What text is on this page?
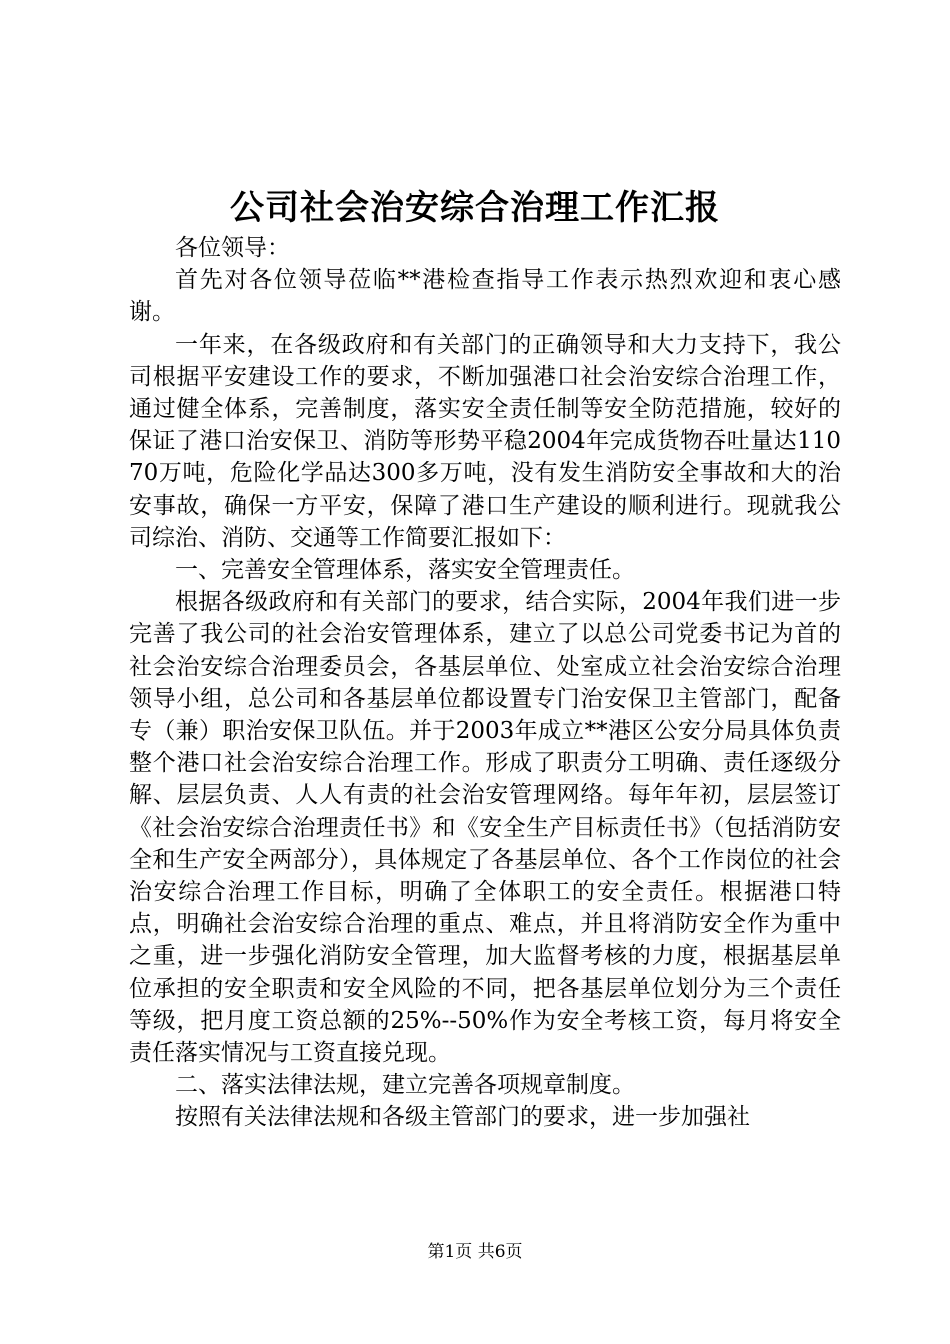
公司社会治安综合治理工作汇报

各位领导：

首先对各位领导莅临**港检查指导工作表示热烈欢迎和衷心感谢。

一年来，在各级政府和有关部门的正确领导和大力支持下，我公司根据平安建设工作的要求，不断加强港口社会治安综合治理工作，通过健全体系，完善制度，落实安全责任制等安全防范措施，较好的保证了港口治安保卫、消防等形势平稳2004年完成货物吞吐量达11070万吨，危险化学品达300多万吨，没有发生消防安全事故和大的治安事故，确保一方平安，保障了港口生产建设的顺利进行。现就我公司综治、消防、交通等工作简要汇报如下：

一、完善安全管理体系，落实安全管理责任。

根据各级政府和有关部门的要求，结合实际，2004年我们进一步完善了我公司的社会治安管理体系，建立了以总公司党委书记为首的社会治安综合治理委员会，各基层单位、处室成立社会治安综合治理领导小组，总公司和各基层单位都设置专门治安保卫主管部门，配备专（兼）职治安保卫队伍。并于2003年成立**港区公安分局具体负责整个港口社会治安综合治理工作。形成了职责分工明确、责任逐级分解、层层负责、人人有责的社会治安管理网络。每年年初，层层签订《社会治安综合治理责任书》和《安全生产目标责任书》（包括消防安全和生产安全两部分），具体规定了各基层单位、各个工作岗位的社会治安综合治理工作目标，明确了全体职工的安全责任。根据港口特点，明确社会治安综合治理的重点、难点，并且将消防安全作为重中之重，进一步强化消防安全管理，加大监督考核的力度，根据基层单位承担的安全职责和安全风险的不同，把各基层单位划分为三个责任等级，把月度工资总额的25%--50%作为安全考核工资，每月将安全责任落实情况与工资直接兑现。

二、落实法律法规，建立完善各项规章制度。

按照有关法律法规和各级主管部门的要求，进一步加强社

第1页 共6页
